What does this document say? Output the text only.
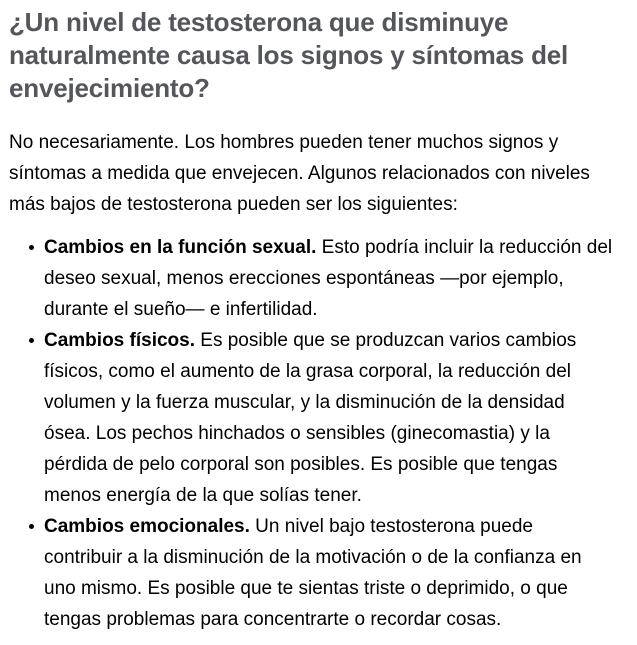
¿Un nivel de testosterona que disminuye naturalmente causa los signos y síntomas del envejecimiento?

No necesariamente. Los hombres pueden tener muchos signos y síntomas a medida que envejecen. Algunos relacionados con niveles más bajos de testosterona pueden ser los siguientes:

Cambios en la función sexual. Esto podría incluir la reducción del deseo sexual, menos erecciones espontáneas —por ejemplo, durante el sueño— e infertilidad.
Cambios físicos. Es posible que se produzcan varios cambios físicos, como el aumento de la grasa corporal, la reducción del volumen y la fuerza muscular, y la disminución de la densidad ósea. Los pechos hinchados o sensibles (ginecomastia) y la pérdida de pelo corporal son posibles. Es posible que tengas menos energía de la que solías tener.
Cambios emocionales. Un nivel bajo testosterona puede contribuir a la disminución de la motivación o de la confianza en uno mismo. Es posible que te sientas triste o deprimido, o que tengas problemas para concentrarte o recordar cosas.
